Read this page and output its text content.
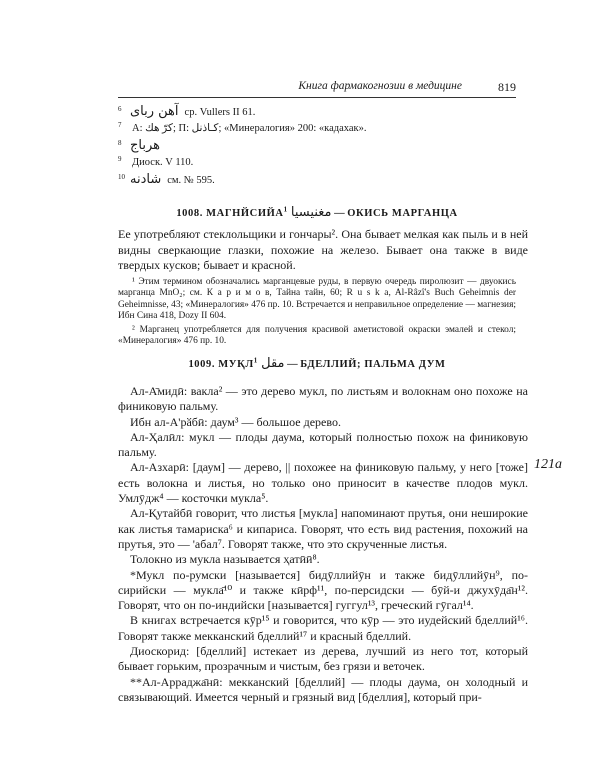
Книга фармакогнозии в медицине	819
6 آهن رباى ср. Vullers II 61.
7	А: كرّ هك; П: كـاذنل; «Минералогия» 200: «кадахак».
8 هرباج
9	Диоск. V 110.
10 شادنه см. № 595.
1008. МАГНЙСИЙА$^1$ مغنيسيا — ОКИСЬ МАРГАНЦА
Ее употребляют стеклольщики и гончары². Она бывает мелкая как пыль и в ней видны сверкающие глазки, похожие на железо. Бывает она также в виде твердых кусков; бывает и красной.

¹ Этим термином обозначались марганцевые руды, в первую очередь пиролюзит — двуокись марганца MnO₂; см. К а р и м о в, Тайна тайн, 60; R u s k a, Al-Râzî's Buch Geheimnis der Geheimnisse, 43; «Минералогия» 476 пр. 10. Встречается и неправильное определение — магнезия; Ибн Сина 418, Dozy II 604.

² Марганец употребляется для получения красивой аметистовой окраски эмалей и стекол; «Минералогия» 476 пр. 10.

1009. МУҚЛ$^1$ مقل — БДЕЛЛИЙ; ПАЛЬМА ДУМ

Ал-А̄мидӣ: вакла² — это дерево мукл, по листьям и волокнам оно похоже на финиковую пальму.

Ибн ал-А'рӑбӣ: даум³ — большое дерево.

Ал-Ҳалӣл: мукл — плоды даума, который полностью похож на финиковую пальму.

Ал-Азхарӣ: [даум] — дерево, || похожее на финиковую пальму, у него [тоже] есть волокна и листья, но только оно приносит в качестве плодов мукл. Умлӯдж⁴ — косточки мукла⁵.

Ал-Қутайбӣ говорит, что листья [мукла] напоминают прутья, они неширокие как листья тамариска⁶ и кипариса. Говорят, что есть вид растения, похожий на прутья, это — 'абал⁷. Говорят также, что это скрученные листья.

Толокно из мукла называется ҳатӣӣ⁸.

*Мукл по-румски [называется] бидӯллийӯн и также бидӯллийӯн⁹, по-сирийски — мукла̄¹⁰ и также кӣрф¹¹, по-персидски — бӯй-и джухӯда̄н¹². Говорят, что он по-индийски [называется] гуггул¹³, греческий гӯгал¹⁴.

В книгах встречается кӯр¹⁵ и говорится, что кӯр — это иудейский бделлий¹⁶. Говорят также мекканский бделлий¹⁷ и красный бделлий.

Диоскорид: [бделлий] истекает из дерева, лучший из него тот, который бывает горьким, прозрачным и чистым, без грязи и веточек.

**Ал-Арраджа̄нӣ: мекканский [бделлий] — плоды даума, он холодный и связывающий. Имеется черный и грязный вид [бделлия], который при-

121a
